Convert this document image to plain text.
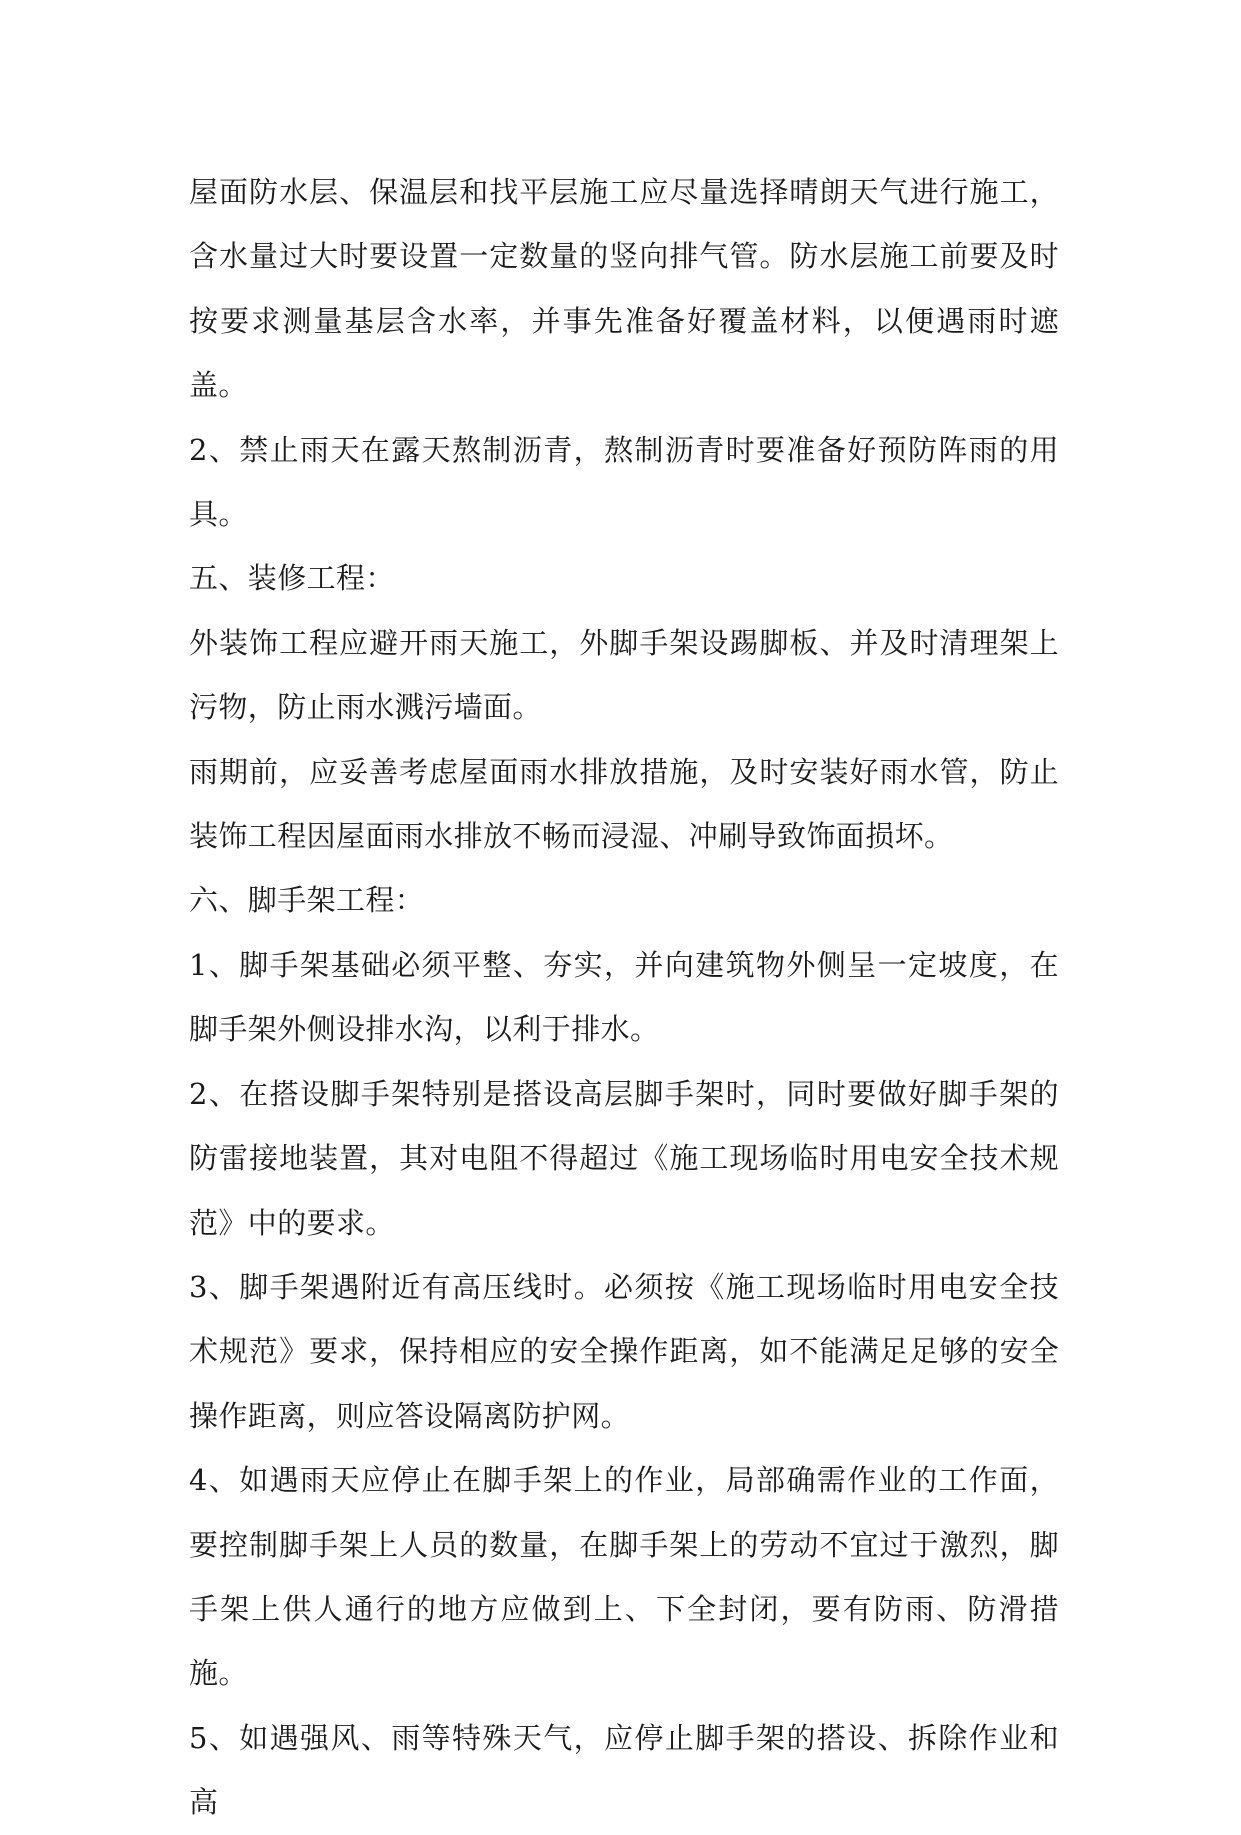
屋面防水层、保温层和找平层施工应尽量选择晴朗天气进行施工，含水量过大时要设置一定数量的竖向排气管。防水层施工前要及时按要求测量基层含水率，并事先准备好覆盖材料，以便遇雨时遮盖。

2、禁止雨天在露天熬制沥青，熬制沥青时要准备好预防阵雨的用具。

五、装修工程：

外装饰工程应避开雨天施工，外脚手架设踢脚板、并及时清理架上污物，防止雨水溅污墙面。

雨期前，应妥善考虑屋面雨水排放措施，及时安装好雨水管，防止装饰工程因屋面雨水排放不畅而浸湿、冲刷导致饰面损坏。

六、脚手架工程：

1、脚手架基础必须平整、夯实，并向建筑物外侧呈一定坡度，在脚手架外侧设排水沟，以利于排水。

2、在搭设脚手架特别是搭设高层脚手架时，同时要做好脚手架的防雷接地装置，其对电阻不得超过《施工现场临时用电安全技术规范》中的要求。

3、脚手架遇附近有高压线时。必须按《施工现场临时用电安全技术规范》要求，保持相应的安全操作距离，如不能满足足够的安全操作距离，则应答设隔离防护网。

4、如遇雨天应停止在脚手架上的作业，局部确需作业的工作面，要控制脚手架上人员的数量，在脚手架上的劳动不宜过于激烈，脚手架上供人通行的地方应做到上、下全封闭，要有防雨、防滑措施。

5、如遇强风、雨等特殊天气，应停止脚手架的搭设、拆除作业和高
